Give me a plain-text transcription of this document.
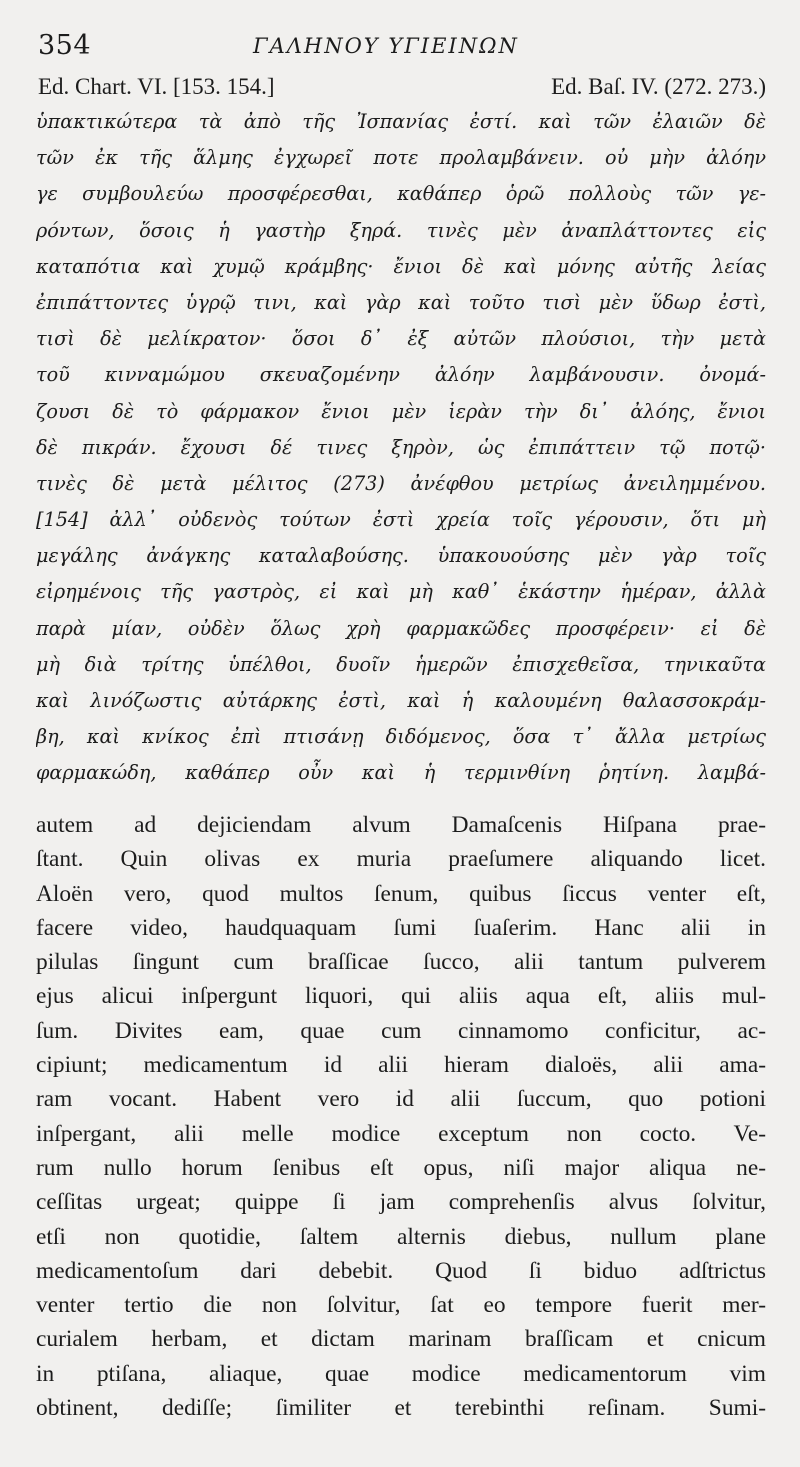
354	ΓΑΛΗΝΟΥ ΥΓΙΕΙΝΩΝ
Ed. Chart. VI. [153. 154.]	Ed. Baſ. IV. (272. 273.)
ὑπακτικώτερα τὰ ἀπὸ τῆς Ἰσπανίας ἐστί. καὶ τῶν ἐλαιῶν δὲ
τῶν ἐκ τῆς ἅλμης ἐγχωρεῖ ποτε προλαμβάνειν. οὐ μὴν ἀλόην
γε συμβουλεύω προσφέρεσθαι, καθάπερ ὁρῶ πολλοὺς τῶν γε-
ρόντων, ὅσοις ἡ γαστὴρ ξηρά. τινὲς μὲν ἀναπλάττοντες εἰς
καταπότια καὶ χυμῷ κράμβης· ἔνιοι δὲ καὶ μόνης αὐτῆς λείας
ἐπιπάττοντες ὑγρῷ τινι, καὶ γὰρ καὶ τοῦτο τισὶ μὲν ὕδωρ ἐστὶ,
τισὶ δὲ μελίκρατον· ὅσοι δ᾽ ἐξ αὐτῶν πλούσιοι, τὴν μετὰ
τοῦ κινναμώμου σκευαζομένην ἀλόην λαμβάνουσιν. ὀνομά-
ζουσι δὲ τὸ φάρμακον ἔνιοι μὲν ἱερὰν τὴν δι᾽ ἀλόης, ἔνιοι
δὲ πικράν. ἔχουσι δέ τινες ξηρὸν, ὡς ἐπιπάττειν τῷ ποτῷ·
τινὲς δὲ μετὰ μέλιτος (273) ἀνέφθου μετρίως ἀνειλημμένου.
[154] ἀλλ᾽ οὐδενὸς τούτων ἐστὶ χρεία τοῖς γέρουσιν, ὅτι μὴ
μεγάλης ἀνάγκης καταλαβούσης. ὑπακουούσης μὲν γὰρ τοῖς
εἰρημένοις τῆς γαστρὸς, εἰ καὶ μὴ καθ᾽ ἑκάστην ἡμέραν, ἀλλὰ
παρὰ μίαν, οὐδὲν ὅλως χρὴ φαρμακῶδες προσφέρειν· εἰ δὲ
μὴ διὰ τρίτης ὑπέλθοι, δυοῖν ἡμερῶν ἐπισχεθεῖσα, τηνικαῦτα
καὶ λινόζωστις αὐτάρκης ἐστὶ, καὶ ἡ καλουμένη θαλασσοκράμ-
βη, καὶ κνίκος ἐπὶ πτισάνῃ διδόμενος, ὅσα τ᾽ ἄλλα μετρίως
φαρμακώδη, καθάπερ οὖν καὶ ἡ τερμινθίνη ῥητίνη. λαμβά-
autem ad dejiciendam alvum Damaſcenis Hiſpana prae-
ſtant. Quin olivas ex muria praeſumere aliquando licet.
Aloën vero, quod multos ſenum, quibus ſiccus venter eſt,
facere video, haudquaquam ſumi ſuaſerim. Hanc alii in
pilulas ſingunt cum braſſicae ſucco, alii tantum pulverem
ejus alicui inſpergunt liquori, qui aliis aqua eſt, aliis mul-
ſum. Divites eam, quae cum cinnamomo conficitur, ac-
cipiunt; medicamentum id alii hieram dialoës, alii ama-
ram vocant. Habent vero id alii ſuccum, quo potioni
inſpergant, alii melle modice exceptum non cocto. Ve-
rum nullo horum ſenibus eſt opus, niſi major aliqua ne-
ceſſitas urgeat; quippe ſi jam comprehenſis alvus ſolvitur,
etſi non quotidie, ſaltem alternis diebus, nullum plane
medicamentoſum dari debebit. Quod ſi biduo adſtrictus
venter tertio die non ſolvitur, ſat eo tempore fuerit mer-
curialem herbam, et dictam marinam braſſicam et cnicum
in ptiſana, aliaque, quae modice medicamentorum vim
obtinent, dediſſe; ſimiliter et terebinthi reſinam. Sumi-
